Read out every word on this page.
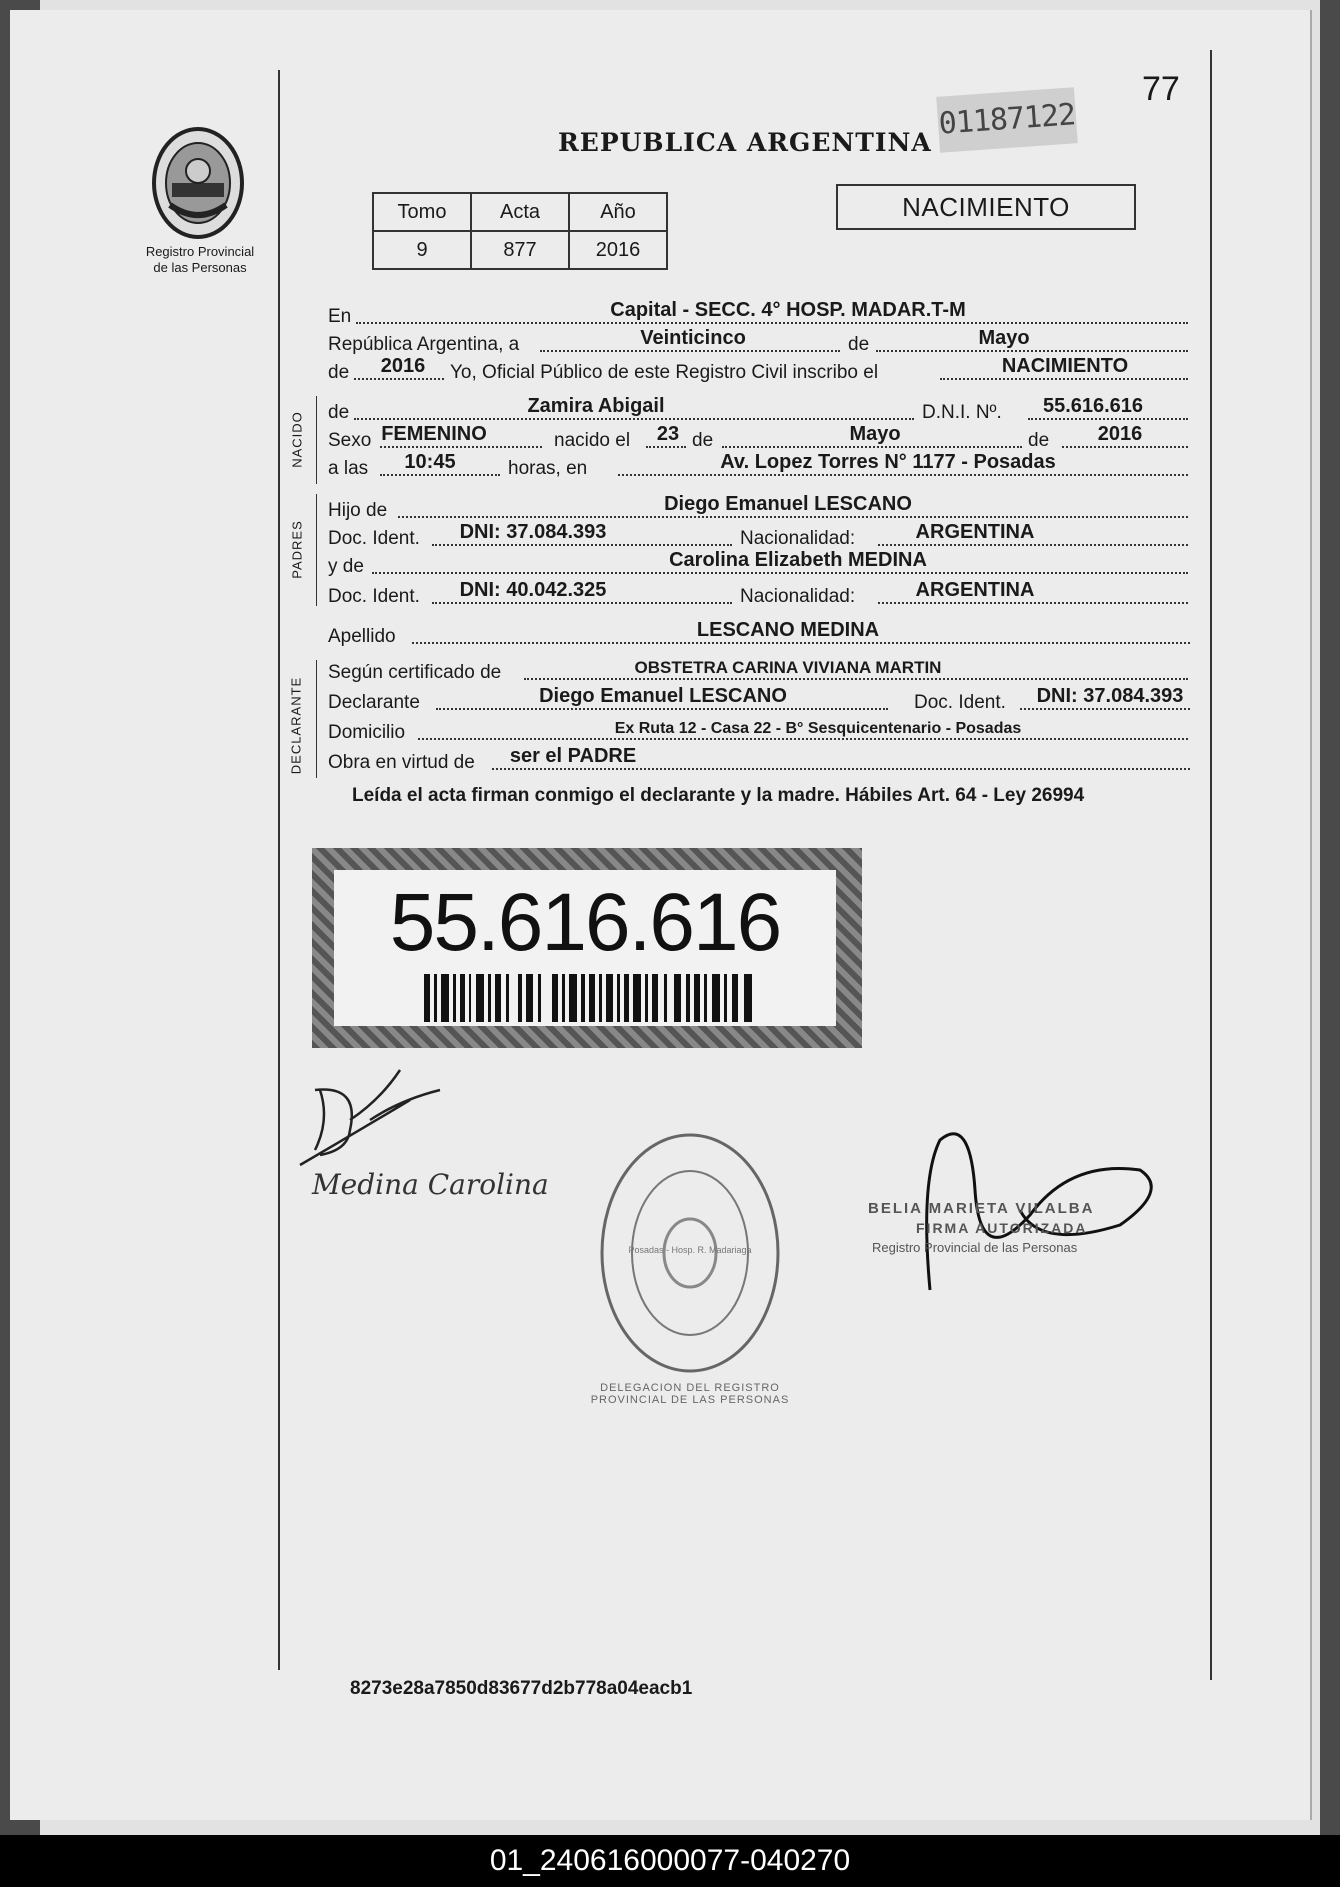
Registro Provincial
de las Personas
77
01187122
REPUBLICA ARGENTINA
Tomo	Acta	Año
9	877	2016
NACIMIENTO
En	Capital - SECC. 4° HOSP. MADAR.T-M
República Argentina, a	Veinticinco	de	Mayo
de 2016 Yo, Oficial Público de este Registro Civil inscribo el	NACIMIENTO
NACIDO de	Zamira Abigail	D.N.I. Nº. 55.616.616
Sexo FEMENINO	nacido el 23 de	Mayo	de 2016
a las 10:45	horas, en	Av. Lopez Torres N° 1177 - Posadas
PADRES
Hijo de	Diego Emanuel LESCANO
Doc. Ident. DNI: 37.084.393	Nacionalidad:	ARGENTINA
y de	Carolina Elizabeth MEDINA
Doc. Ident. DNI: 40.042.325	Nacionalidad:	ARGENTINA
Apellido	LESCANO MEDINA
DECLARANTE
Según certificado de	OBSTETRA CARINA VIVIANA MARTIN
Declarante	Diego Emanuel LESCANO	Doc. Ident. DNI: 37.084.393
Domicilio	Ex Ruta 12 - Casa 22 - B° Sesquicentenario - Posadas
Obra en virtud de ser el PADRE
Leída el acta firman conmigo el declarante y la madre. Hábiles Art. 64 - Ley 26994
55.616.616
Medina Carolina
Posadas - Hosp. R. Madariaga
DELEGACION DEL REGISTRO PROVINCIAL DE LAS PERSONAS
BELIA MARIETA VILALBA
FIRMA AUTORIZADA
Registro Provincial de las Personas
8273e28a7850d83677d2b778a04eacb1
01_240616000077-040270
